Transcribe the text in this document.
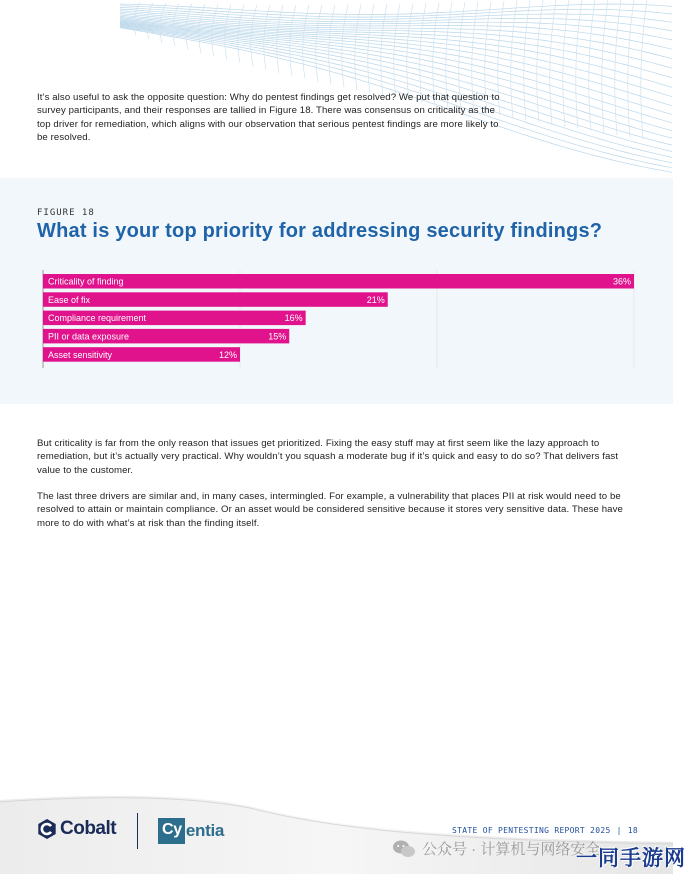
It’s also useful to ask the opposite question: Why do pentest findings get resolved? We put that question to survey participants, and their responses are tallied in Figure 18. There was consensus on criticality as the top driver for remediation, which aligns with our observation that serious pentest findings are more likely to be resolved.
FIGURE 18
What is your top priority for addressing security findings?
Criticality of finding	36%
Ease of fix	21%
Compliance requirement	16%
PII or data exposure	15%
Asset sensitivity	12%
But criticality is far from the only reason that issues get prioritized. Fixing the easy stuff may at first seem like the lazy approach to remediation, but it’s actually very practical. Why wouldn’t you squash a moderate bug if it’s quick and easy to do so? That delivers fast value to the customer.
The last three drivers are similar and, in many cases, intermingled. For example, a vulnerability that places PII at risk would need to be resolved to attain or maintain compliance. Or an asset would be considered sensitive because it stores very sensitive data. These have more to do with what’s at risk than the finding itself.
Cobalt	Cy entia	STATE OF PENTESTING REPORT 2025 | 18
公众号 · 计算机与网络安全
一同手游网
